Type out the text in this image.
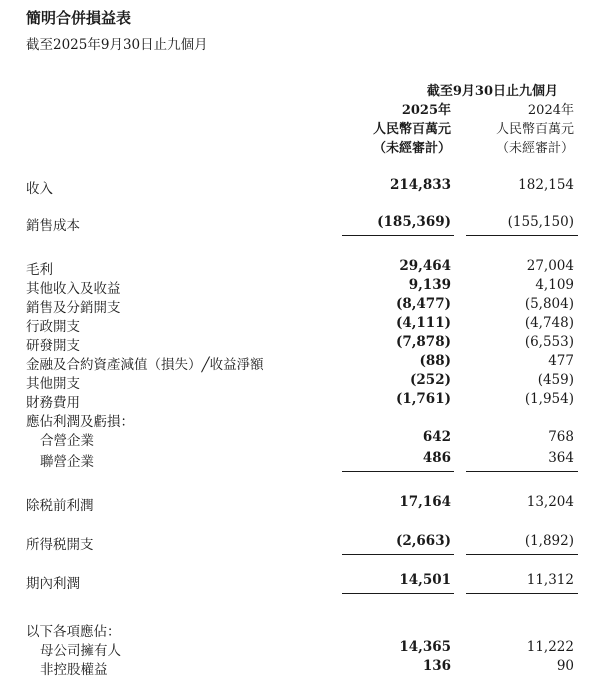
簡明合併損益表
截至2025年9月30日止九個月
截至9月30日止九個月
2025年	2024年
人民幣百萬元	人民幣百萬元
（未經審計）	（未經審計）
收入	214,833	182,154
銷售成本	(185,369)	(155,150)
毛利	29,464	27,004
其他收入及收益	9,139	4,109
銷售及分銷開支	(8,477)	(5,804)
行政開支	(4,111)	(4,748)
研發開支	(7,878)	(6,553)
金融及合約資產減值（損失）╱收益淨額	(88)	477
其他開支	(252)	(459)
財務費用	(1,761)	(1,954)
應佔利潤及虧損：
合營企業	642	768
聯營企業	486	364
除税前利潤	17,164	13,204
所得税開支	(2,663)	(1,892)
期內利潤	14,501	11,312
以下各項應佔：
母公司擁有人	14,365	11,222
非控股權益	136	90
